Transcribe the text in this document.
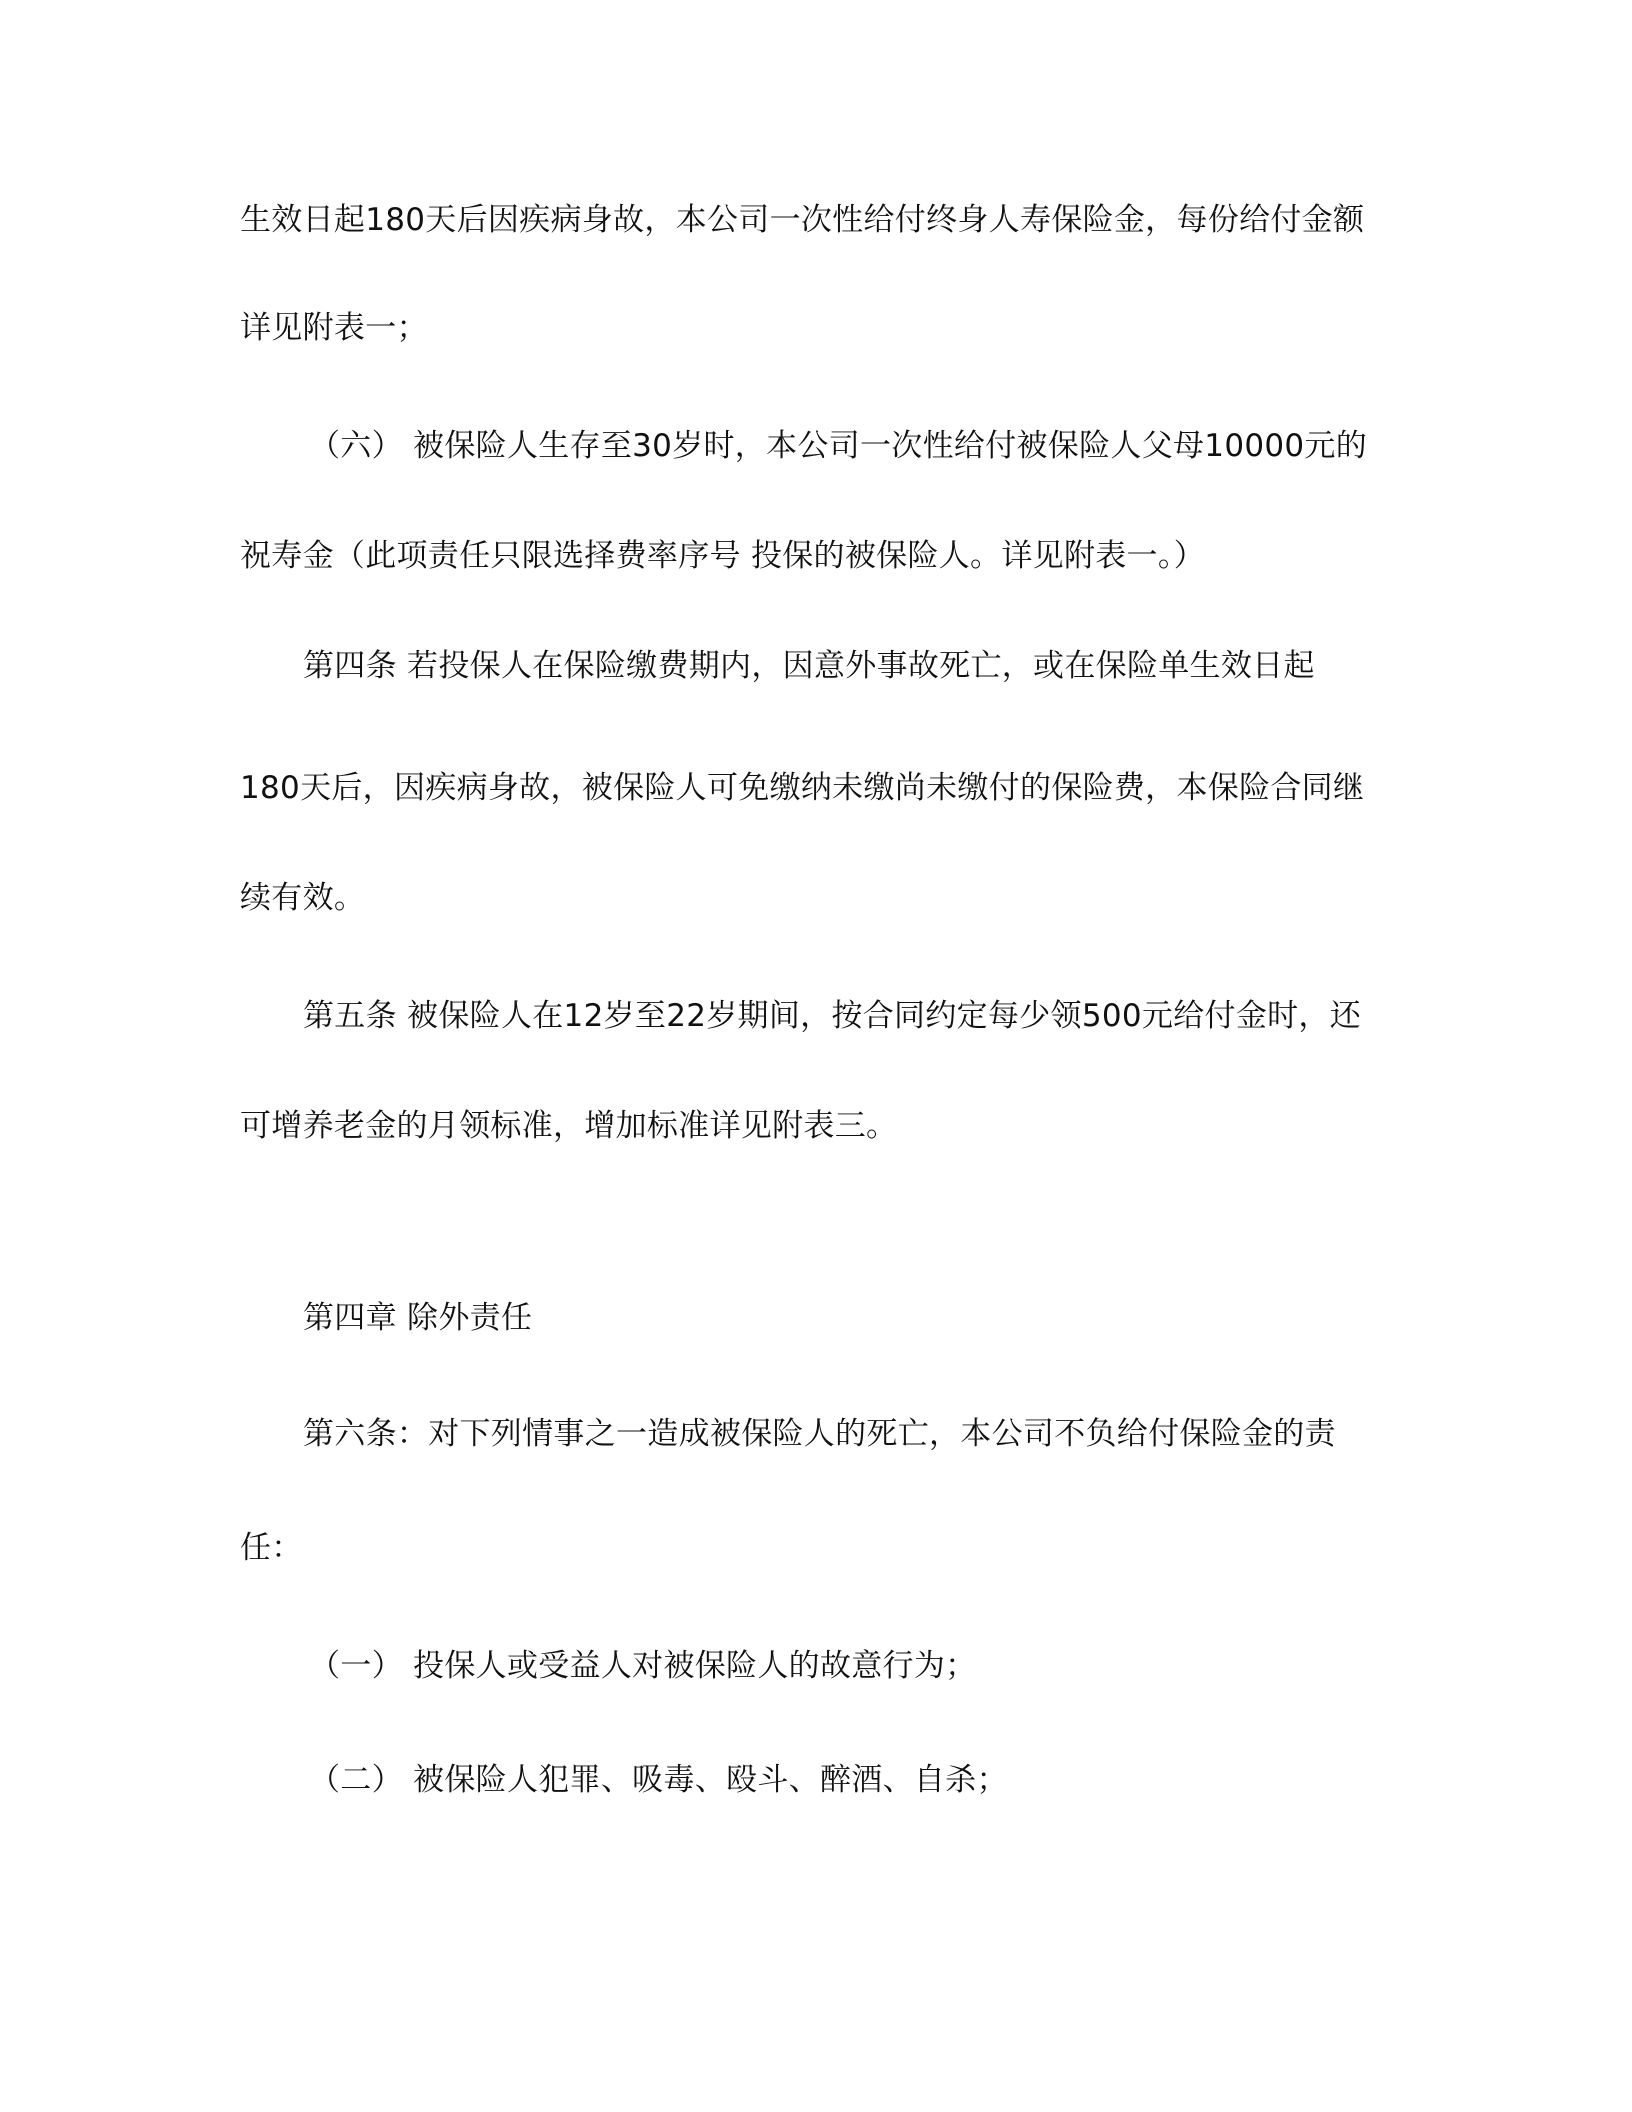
生效日起180天后因疾病身故，本公司一次性给付终身人寿保险金，每份给付金额

详见附表一；

（六） 被保险人生存至30岁时，本公司一次性给付被保险人父母10000元的

祝寿金（此项责任只限选择费率序号 投保的被保险人。详见附表一。）

第四条 若投保人在保险缴费期内，因意外事故死亡，或在保险单生效日起

180天后，因疾病身故，被保险人可免缴纳未缴尚未缴付的保险费，本保险合同继

续有效。

第五条 被保险人在12岁至22岁期间，按合同约定每少领500元给付金时，还

可增养老金的月领标准，增加标准详见附表三。

第四章 除外责任

第六条：对下列情事之一造成被保险人的死亡，本公司不负给付保险金的责

任：

（一） 投保人或受益人对被保险人的故意行为；

（二） 被保险人犯罪、吸毒、殴斗、醉酒、自杀；
